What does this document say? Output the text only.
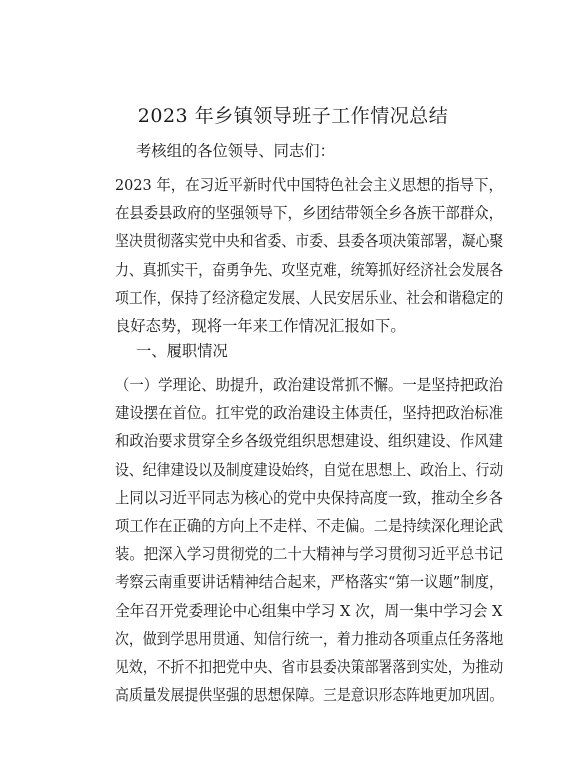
2023 年乡镇领导班子工作情况总结
考核组的各位领导、同志们：
2023 年，在习近平新时代中国特色社会主义思想的指导下，
在县委县政府的坚强领导下，乡团结带领全乡各族干部群众，
坚决贯彻落实党中央和省委、市委、县委各项决策部署，凝心聚
力、真抓实干，奋勇争先、攻坚克难，统筹抓好经济社会发展各
项工作，保持了经济稳定发展、人民安居乐业、社会和谐稳定的
良好态势，现将一年来工作情况汇报如下。
一、履职情况
（一）学理论、助提升，政治建设常抓不懈。一是坚持把政治
建设摆在首位。扛牢党的政治建设主体责任，坚持把政治标准
和政治要求贯穿全乡各级党组织思想建设、组织建设、作风建
设、纪律建设以及制度建设始终，自觉在思想上、政治上、行动
上同以习近平同志为核心的党中央保持高度一致，推动全乡各
项工作在正确的方向上不走样、不走偏。二是持续深化理论武
装。把深入学习贯彻党的二十大精神与学习贯彻习近平总书记
考察云南重要讲话精神结合起来，严格落实“第一议题”制度，
全年召开党委理论中心组集中学习 X 次，周一集中学习会 X
次，做到学思用贯通、知信行统一，着力推动各项重点任务落地
见效，不折不扣把党中央、省市县委决策部署落到实处，为推动
高质量发展提供坚强的思想保障。三是意识形态阵地更加巩固。
